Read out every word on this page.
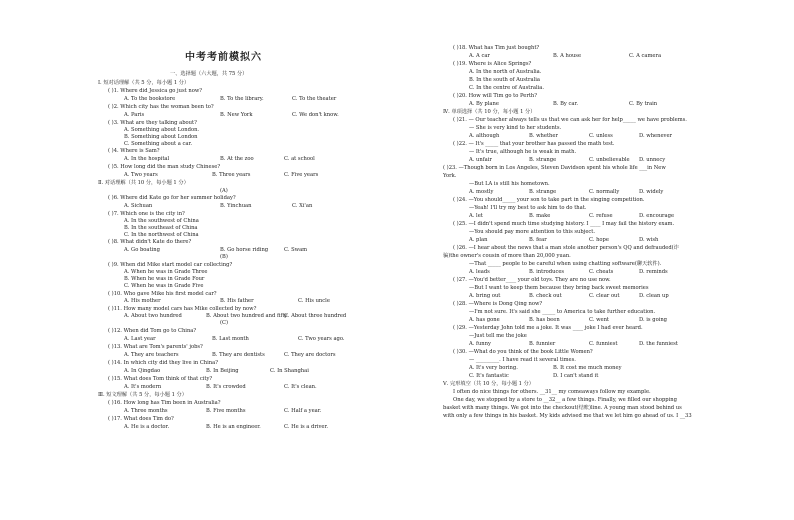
中考考前模拟六
一、选择题（六大题，共 75 分）
Ⅰ. 短对话理解（共 5 分，每小题 1 分）
( )1. Where did Jessica go just now?
A. To the bookstore	B. To the library.	C. To the theater
( )2. Which city has the woman been to?
A. Paris	B. New York	C. We don't know.
( )3. What are they talking about?
A. Something about London.
B. Something about London
C. Something about a car.
( )4. Where is Sam?
A. In the hospital	B. At the zoo	C. at school
( )5. How long did the man study Chinese?
A. Two years	B. Three years	C. Five years
Ⅱ. 对话理解（共 10 分，每小题 1 分）
(A)
( )6. Where did Kate go for her summer holiday?
A. Sichuan	B. Yinchuan	C. Xi'an
( )7. Which one is the city in?
A. In the southwest of China
B. In the southeast of China
C. In the northwest of China
( )8. What didn't Kate do there?
A. Go boating	B. Go horse riding	C. Swam
(B)
( )9. When did Mike start model car collecting?
A. When he was in Grade Three
B. When he was in Grade Four
C. When he was in Grade Five
( )10. Who gave Mike his first model car?
A. His mother	B. His father	C. His uncle
( )11. How many model cars has Mike collected by now?
A. About two hundred	B. About two hundred and fifty
C. About three hundred
(C)
( )12. When did Tom go to China?
A. Last year	B. Last month	C. Two years ago.
( )13. What are Tom's parents' jobs?
A. They are teachers	B. They are dentists	C. They are doctors
( )14. In which city did they live in China?
A. In Qingdao	B. In Beijing	C. In Shanghai
( )15. What does Tom think of that city?
A. It's modern	B. It's crowded	C. It's clean.
Ⅲ. 短文理解（共 5 分，每小题 1 分）
( )16. How long has Tim been in Australia?
A. Three months	B. Five months	C. Half a year.
( )17. What does Tim do?
A. He is a doctor.	B. He is an engineer.	C. He is a driver.
( )18. What has Tim just bought?
A. A car	B. A house	C. A camera
( )19. Where is Alice Springs?
A. In the north of Australia.
B. In the south of Australia
C. In the centre of Australia.
( )20. How will Tim go to Perth?
A. By plane	B. By car.	C. By train
Ⅳ. 单项选择（共 10 分，每小题 1 分）
( )21. — Our teacher always tells us that we can ask her for help_____ we have problems.
— She is very kind to her students.
A. although	B. whether	C. unless	D. whenever
( )22. — It's _____ that your brother has passed the math test.
— It's true, although he is weak in math.
A. unfair	B. strange	C. unbelievable D. unnecy
( )23. —Though born in Los Angeles, Steven Davidson spent his whole life ___in New
York.
—But LA is still his hometown.
A. mostly	B. strange	C. normally	D. widely
( )24. —You should_____ your son to take part in the singing competition.
—Yeah! I'll try my best to ask him to do that.
A. let	B. make	C. refuse	D. encourage
( )25. —I didn't spend much time studying history. I ____ I may fail the history exam.
—You should pay more attention to this subject.
A. plan	B. fear	C. hope	D. wish
( )26. —I hear about the news that a man stole another person's QQ and defrauded(诈
骗)the owner's cousin of more than 20,000 yuan.
—That _____ people to be careful when using chatting software(聊天软件).
A. leads	B. introduces	C. cheats	D. reminds
( )27. —You'd better____ your old toys. They are no use now.
—But I want to keep them because they bring back sweet memories
A. bring out	B. check out	C. clear out	D. clean up
( )28. —Where is Dong Qing now?
—I'm not sure. It's said she _____ to America to take further education.
A. has gone	B. has been	C. went	D. is going
( )29. —Yesterday John told me a joke. It was ____ joke I had ever heard.
—Just tell me the joke
A. funny	B. funnier	C. funniest	D. the funniest
( )30. —What do you think of the book Little Women?
— _________. I have read it several times.
A. It's very boring.	B. It cost me much money
C. It's fantastic	D. I can't stand it
Ⅴ. 完形填空（共 10 分，每小题 1 分）
I often do nice things for others. __31__ my comeaways follow my example.
One day, we stopped by a store to __32__ a few things. Finally, we filled our shopping
basket with many things. We got into the checkout(结账)line. A young man stood behind us
with only a few things in his basket. My kids advised me that we let him go ahead of us. I __33
